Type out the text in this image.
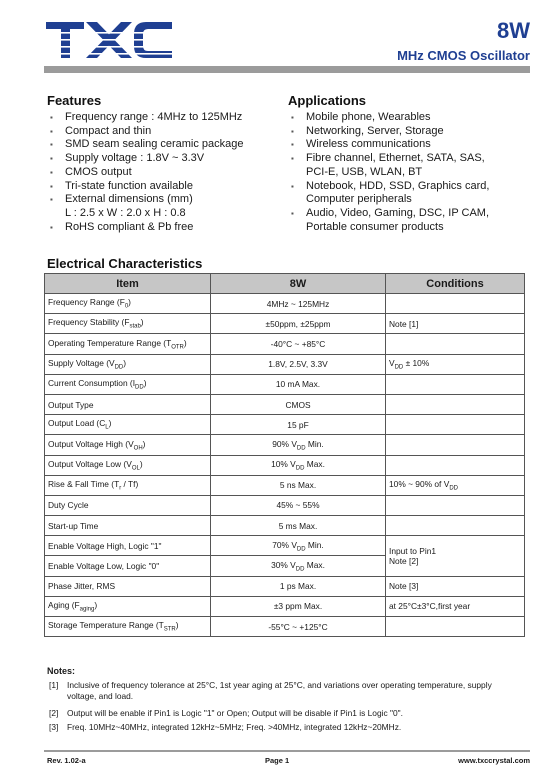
8W
MHz CMOS Oscillator
Features
▪ Frequency range : 4MHz to 125MHz
▪ Compact and thin
▪ SMD seam sealing ceramic package
▪ Supply voltage : 1.8V ~ 3.3V
▪ CMOS output
▪ Tri-state function available
▪ External dimensions (mm)
L : 2.5 x W : 2.0 x H : 0.8
▪ RoHS compliant & Pb free
Applications
▪ Mobile phone, Wearables
▪ Networking, Server, Storage
▪ Wireless communications
▪ Fibre channel, Ethernet, SATA, SAS,
PCI-E, USB, WLAN, BT
▪ Notebook, HDD, SSD, Graphics card,
Computer peripherals
▪ Audio, Video, Gaming, DSC, IP CAM,
Portable consumer products
Electrical Characteristics
Item	8W	Conditions
Frequency Range $(F_0)$	4MHz ~ 125MHz	
Frequency Stability $(F_{stab})$	±50ppm, ±25ppm	Note [1]
Operating Temperature Range $(T_{OTR})$	-40°C ~ +85°C	
Supply Voltage $(V_{DD})$	1.8V, 2.5V, 3.3V	$V_{DD} \pm 10\%$
Current Consumption $(I_{DD})$	10 mA Max.	
Output Type	CMOS	
Output Load $(C_L)$	15 pF	
Output Voltage High $(V_{OH})$	90% $V_{DD}$ Min.	
Output Voltage Low $(V_{OL})$	10% $V_{DD}$ Max.	
Rise & Fall Time $(T_r / Tf)$	5 ns Max.	10% ~ 90% of $V_{DD}$
Duty Cycle	45% ~ 55%	
Start-up Time	5 ms Max.	
Enable Voltage High, Logic "1"	70% $V_{DD}$ Min.	Input to Pin1
Note [2]
Enable Voltage Low, Logic "0"	30% $V_{DD}$ Max.	
Phase Jitter, RMS	1 ps Max.	Note [3]
Aging $(F_{aging})$	±3 ppm Max.	at 25°C±3°C,first year
Storage Temperature Range $(T_{STR})$	-55°C ~ +125°C	
Notes:
[1] Inclusive of frequency tolerance at 25°C, 1st year aging at 25°C, and variations over operating temperature, supply voltage, and load.
[2] Output will be enable if Pin1 is Logic "1" or Open; Output will be disable if Pin1 is Logic "0".
[3] Freq. 10MHz~40MHz, integrated 12kHz~5MHz; Freq. >40MHz, integrated 12kHz~20MHz.
Rev. 1.02-a	Page 1	www.txccrystal.com
